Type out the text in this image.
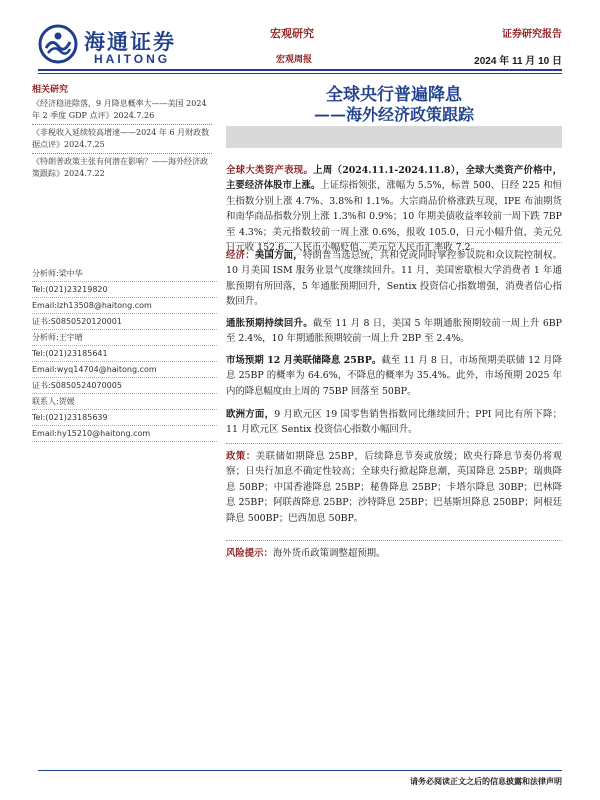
海通证券
HAITONG
宏观研究
宏观周报
证券研究报告
2024 年 11 月 10 日
全球央行普遍降息
——海外经济政策跟踪
相关研究
《经济稳进除落，9 月降息概率大——美国 2024 年 2 季度 GDP 点评》2024.7.26
《非税收入延续较高增速——2024 年 6 月财政数据点评》2024.7.25
《特朗普政策主张有何潜在影响？——海外经济政策跟踪》2024.7.22
分析师:梁中华
Tel:(021)23219820
Email:lzh13508@haitong.com
证书:S0850520120001
分析师:王宇晴
Tel:(021)23185641
Email:wyq14704@haitong.com
证书:S0850524070005
联系人:贺媛
Tel:(021)23185639
Email:hy15210@haitong.com

全球大类资产表现。上周（2024.11.1-2024.11.8），全球大类资产价格中，主要经济体股市上涨。上证综指领张，涨幅为 5.5%，标普 500、日经 225 和恒生指数分别上涨 4.7%、3.8%和 1.1%。大宗商品价格涨跌互现，IPE 布油期货和南华商品指数分别上涨 1.3%和 0.9%；10 年期美债收益率较前一周下跌 7BP 至 4.3%；美元指数较前一周上涨 0.6%，报收 105.0，日元小幅升值，美元兑日元收 152.6，人民币小幅贬值，美元兑人民币汇率收 7.2。

经济：美国方面，特朗普当选总统，共和党或同时掌控参议院和众议院控制权。10 月美国 ISM 服务业景气度继续回升。11 月，美国密歇根大学消费者 1 年通胀预期有所回落，5 年通胀预期回升，Sentix 投资信心指数增强，消费者信心指数回升。

通胀预期持续回升。截至 11 月 8 日，美国 5 年期通胀预期较前一周上升 6BP 至 2.4%，10 年期通胀预期较前一周上升 2BP 至 2.4%。

市场预期 12 月美联储降息 25BP。截至 11 月 8 日，市场预期美联储 12 月降息 25BP 的概率为 64.6%，不降息的概率为 35.4%。此外，市场预期 2025 年内的降息幅度由上周的 75BP 回落至 50BP。

欧洲方面，9 月欧元区 19 国零售销售指数同比继续回升；PPI 同比有所下降；11 月欧元区 Sentix 投资信心指数小幅回升。

政策：美联储如期降息 25BP，后续降息节奏或放缓；欧央行降息节奏仍将观察；日央行加息不确定性较高；全球央行掀起降息潮，英国降息 25BP；瑞典降息 50BP；中国香港降息 25BP；秘鲁降息 25BP；卡塔尔降息 30BP；巴林降息 25BP；阿联酋降息 25BP；沙特降息 25BP；巴基斯坦降息 250BP；阿根廷降息 500BP；巴西加息 50BP。

风险提示：海外货币政策调整超预期。

请务必阅读正文之后的信息披露和法律声明
